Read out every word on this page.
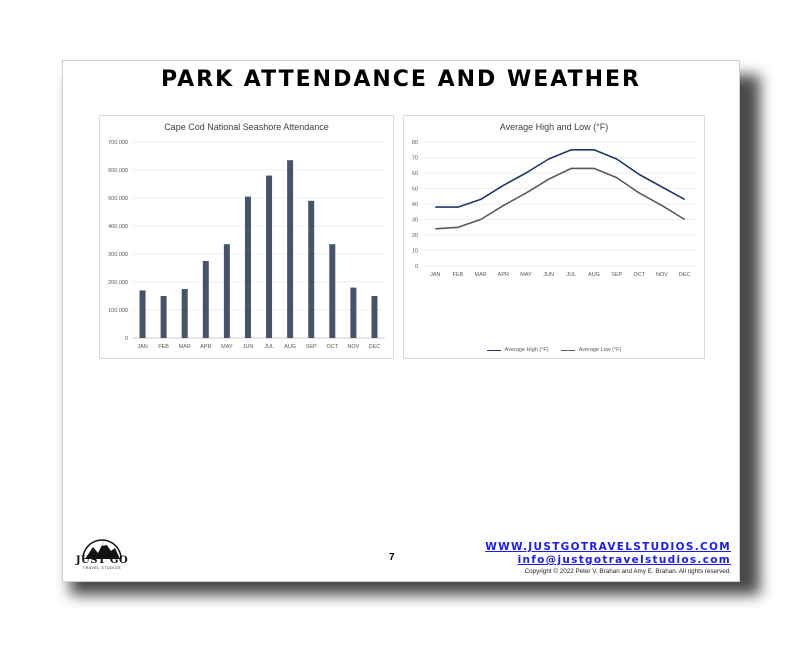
PARK ATTENDANCE AND WEATHER
Cape Cod National Seashore Attendance
0
100,000
200,000
300,000
400,000
500,000
600,000
700,000
JAN FEB MAR APR MAY JUN JUL AUG SEP OCT NOV DEC
Average High and Low (°F)
0
10
20
30
40
50
60
70
80
JAN FEB MAR APR MAY JUN JUL AUG SEP OCT NOV DEC
Average High (°F)	Average Low (°F)
JUST GO
TRAVEL STUDIOS
7
WWW.JUSTGOTRAVELSTUDIOS.COM
info@justgotravelstudios.com
Copyright © 2022 Peter V. Brahan and Amy E. Brahan. All rights reserved.
